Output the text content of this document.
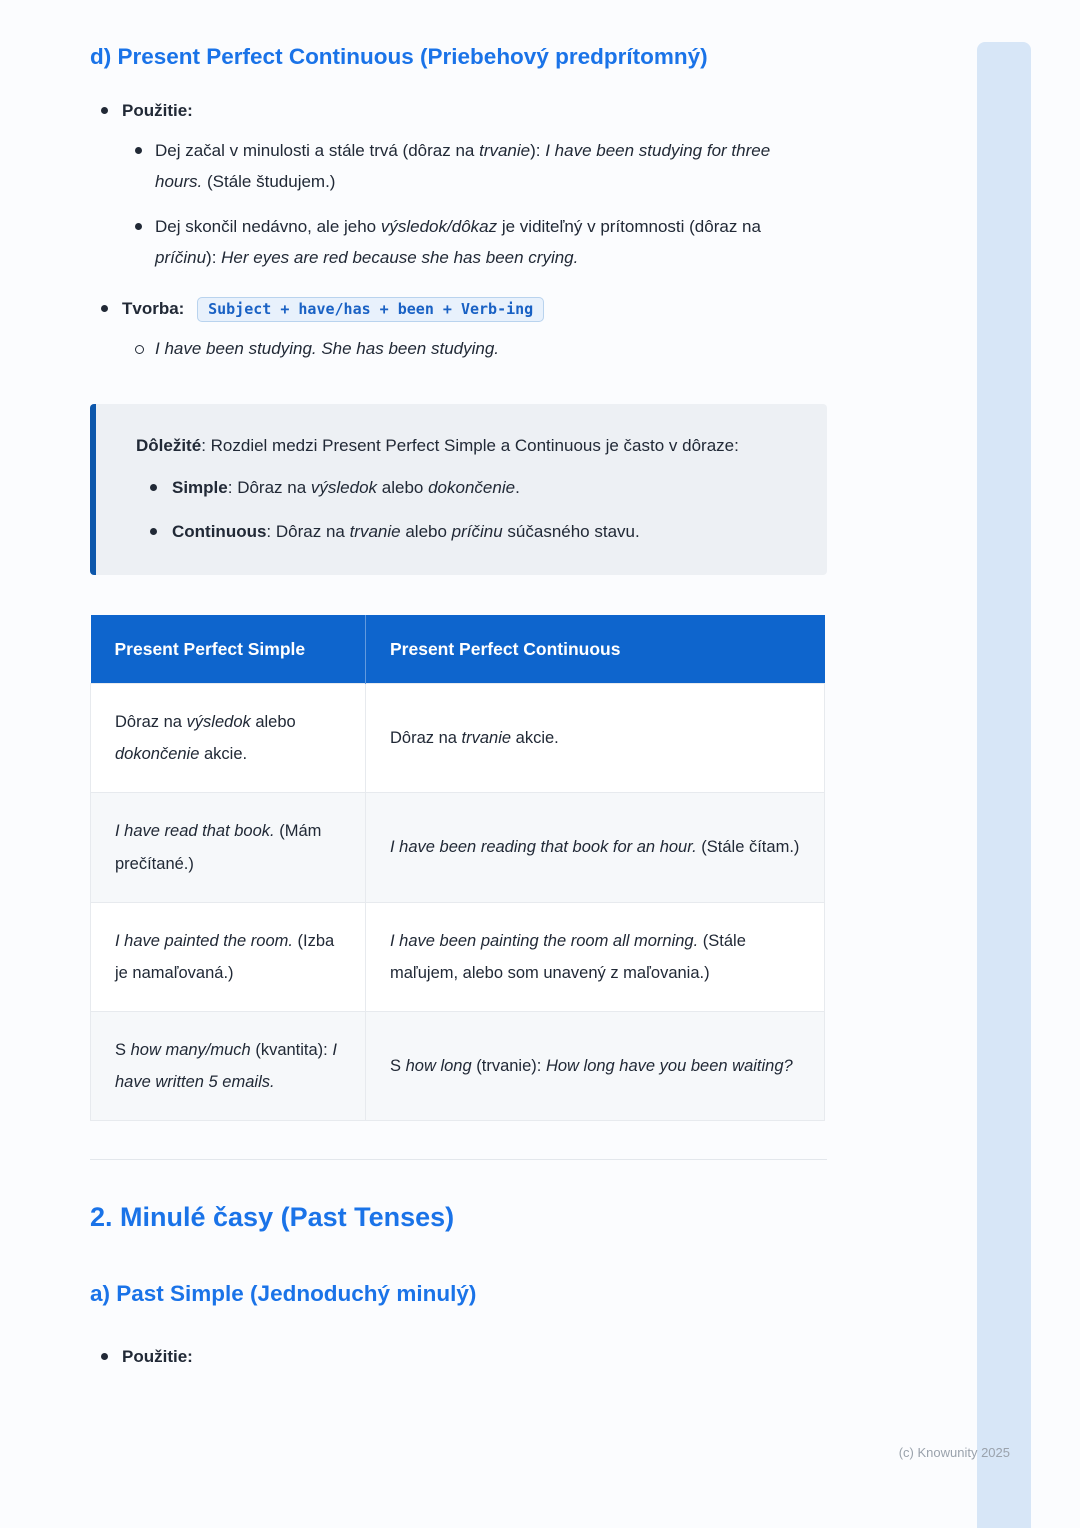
d) Present Perfect Continuous (Priebehový predprítomný)
Použitie:
Dej začal v minulosti a stále trvá (dôraz na trvanie): I have been studying for three hours. (Stále študujem.)
Dej skončil nedávno, ale jeho výsledok/dôkaz je viditeľný v prítomnosti (dôraz na príčinu): Her eyes are red because she has been crying.
Tvorba: Subject + have/has + been + Verb-ing
I have been studying. She has been studying.

Dôležité: Rozdiel medzi Present Perfect Simple a Continuous je často v dôraze:

Simple: Dôraz na výsledok alebo dokončenie.
Continuous: Dôraz na trvanie alebo príčinu súčasného stavu.
Present Perfect Simple	Present Perfect Continuous
Dôraz na výsledok alebo dokončenie akcie.	Dôraz na trvanie akcie.
I have read that book. (Mám prečítané.)	I have been reading that book for an hour. (Stále čítam.)
I have painted the room. (Izba je namaľovaná.)	I have been painting the room all morning. (Stále maľujem, alebo som unavený z maľovania.)
S how many/much (kvantita): I have written 5 emails.	S how long (trvanie): How long have you been waiting?
2. Minulé časy (Past Tenses)
a) Past Simple (Jednoduchý minulý)
Použitie:
(c) Knowunity 2025
